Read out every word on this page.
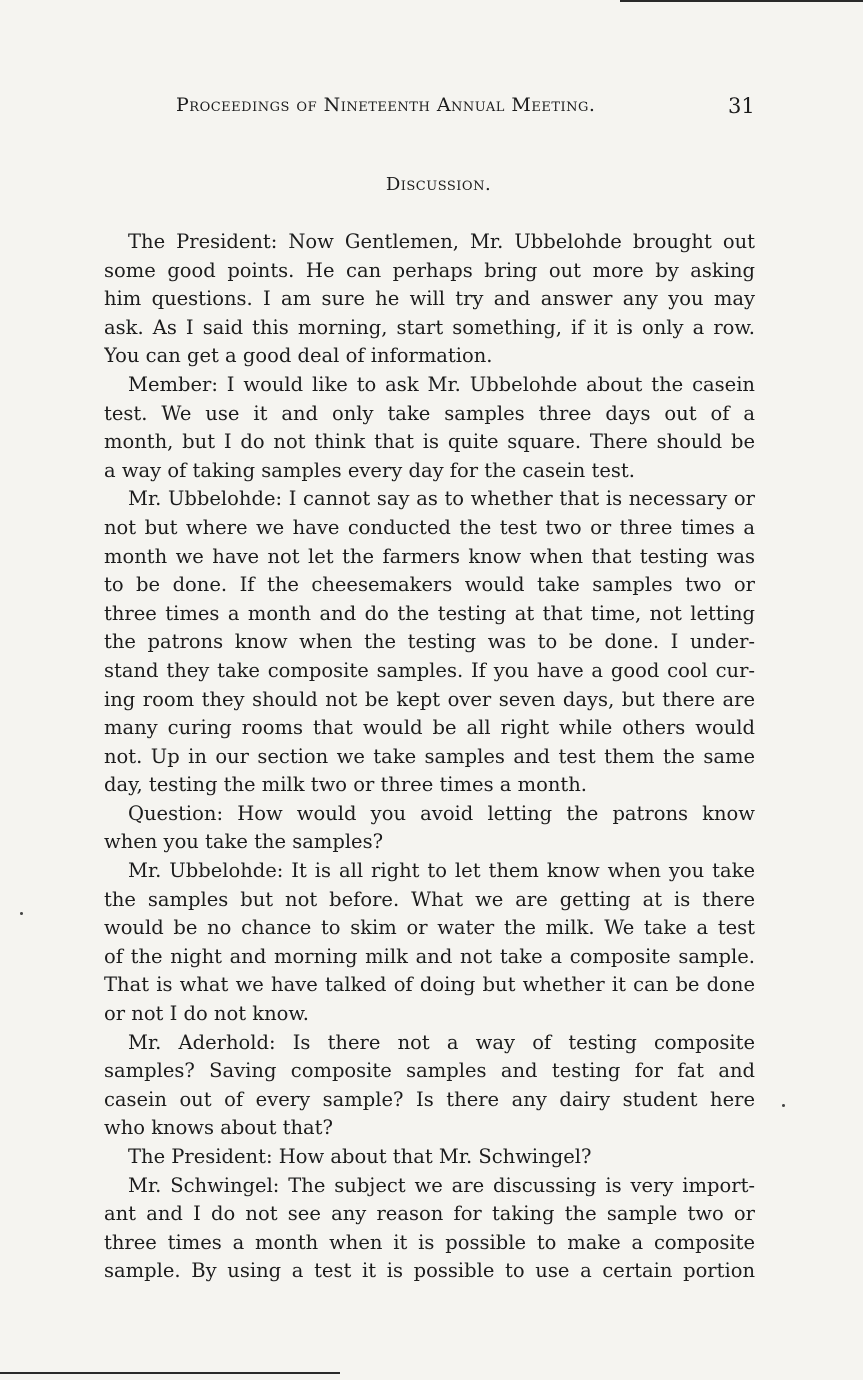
Proceedings of Nineteenth Annual Meeting.	31
Discussion.
The President: Now Gentlemen, Mr. Ubbelohde brought out
some good points. He can perhaps bring out more by asking
him questions. I am sure he will try and answer any you may
ask. As I said this morning, start something, if it is only a row.
You can get a good deal of information.
Member: I would like to ask Mr. Ubbelohde about the casein
test. We use it and only take samples three days out of a
month, but I do not think that is quite square. There should be
a way of taking samples every day for the casein test.
Mr. Ubbelohde: I cannot say as to whether that is necessary or
not but where we have conducted the test two or three times a
month we have not let the farmers know when that testing was
to be done. If the cheesemakers would take samples two or
three times a month and do the testing at that time, not letting
the patrons know when the testing was to be done. I under-
stand they take composite samples. If you have a good cool cur-
ing room they should not be kept over seven days, but there are
many curing rooms that would be all right while others would
not. Up in our section we take samples and test them the same
day, testing the milk two or three times a month.
Question: How would you avoid letting the patrons know
when you take the samples?
Mr. Ubbelohde: It is all right to let them know when you take
the samples but not before. What we are getting at is there
would be no chance to skim or water the milk. We take a test
of the night and morning milk and not take a composite sample.
That is what we have talked of doing but whether it can be done
or not I do not know.
Mr. Aderhold: Is there not a way of testing composite
samples? Saving composite samples and testing for fat and
casein out of every sample? Is there any dairy student here
who knows about that?
The President: How about that Mr. Schwingel?
Mr. Schwingel: The subject we are discussing is very import-
ant and I do not see any reason for taking the sample two or
three times a month when it is possible to make a composite
sample. By using a test it is possible to use a certain portion
